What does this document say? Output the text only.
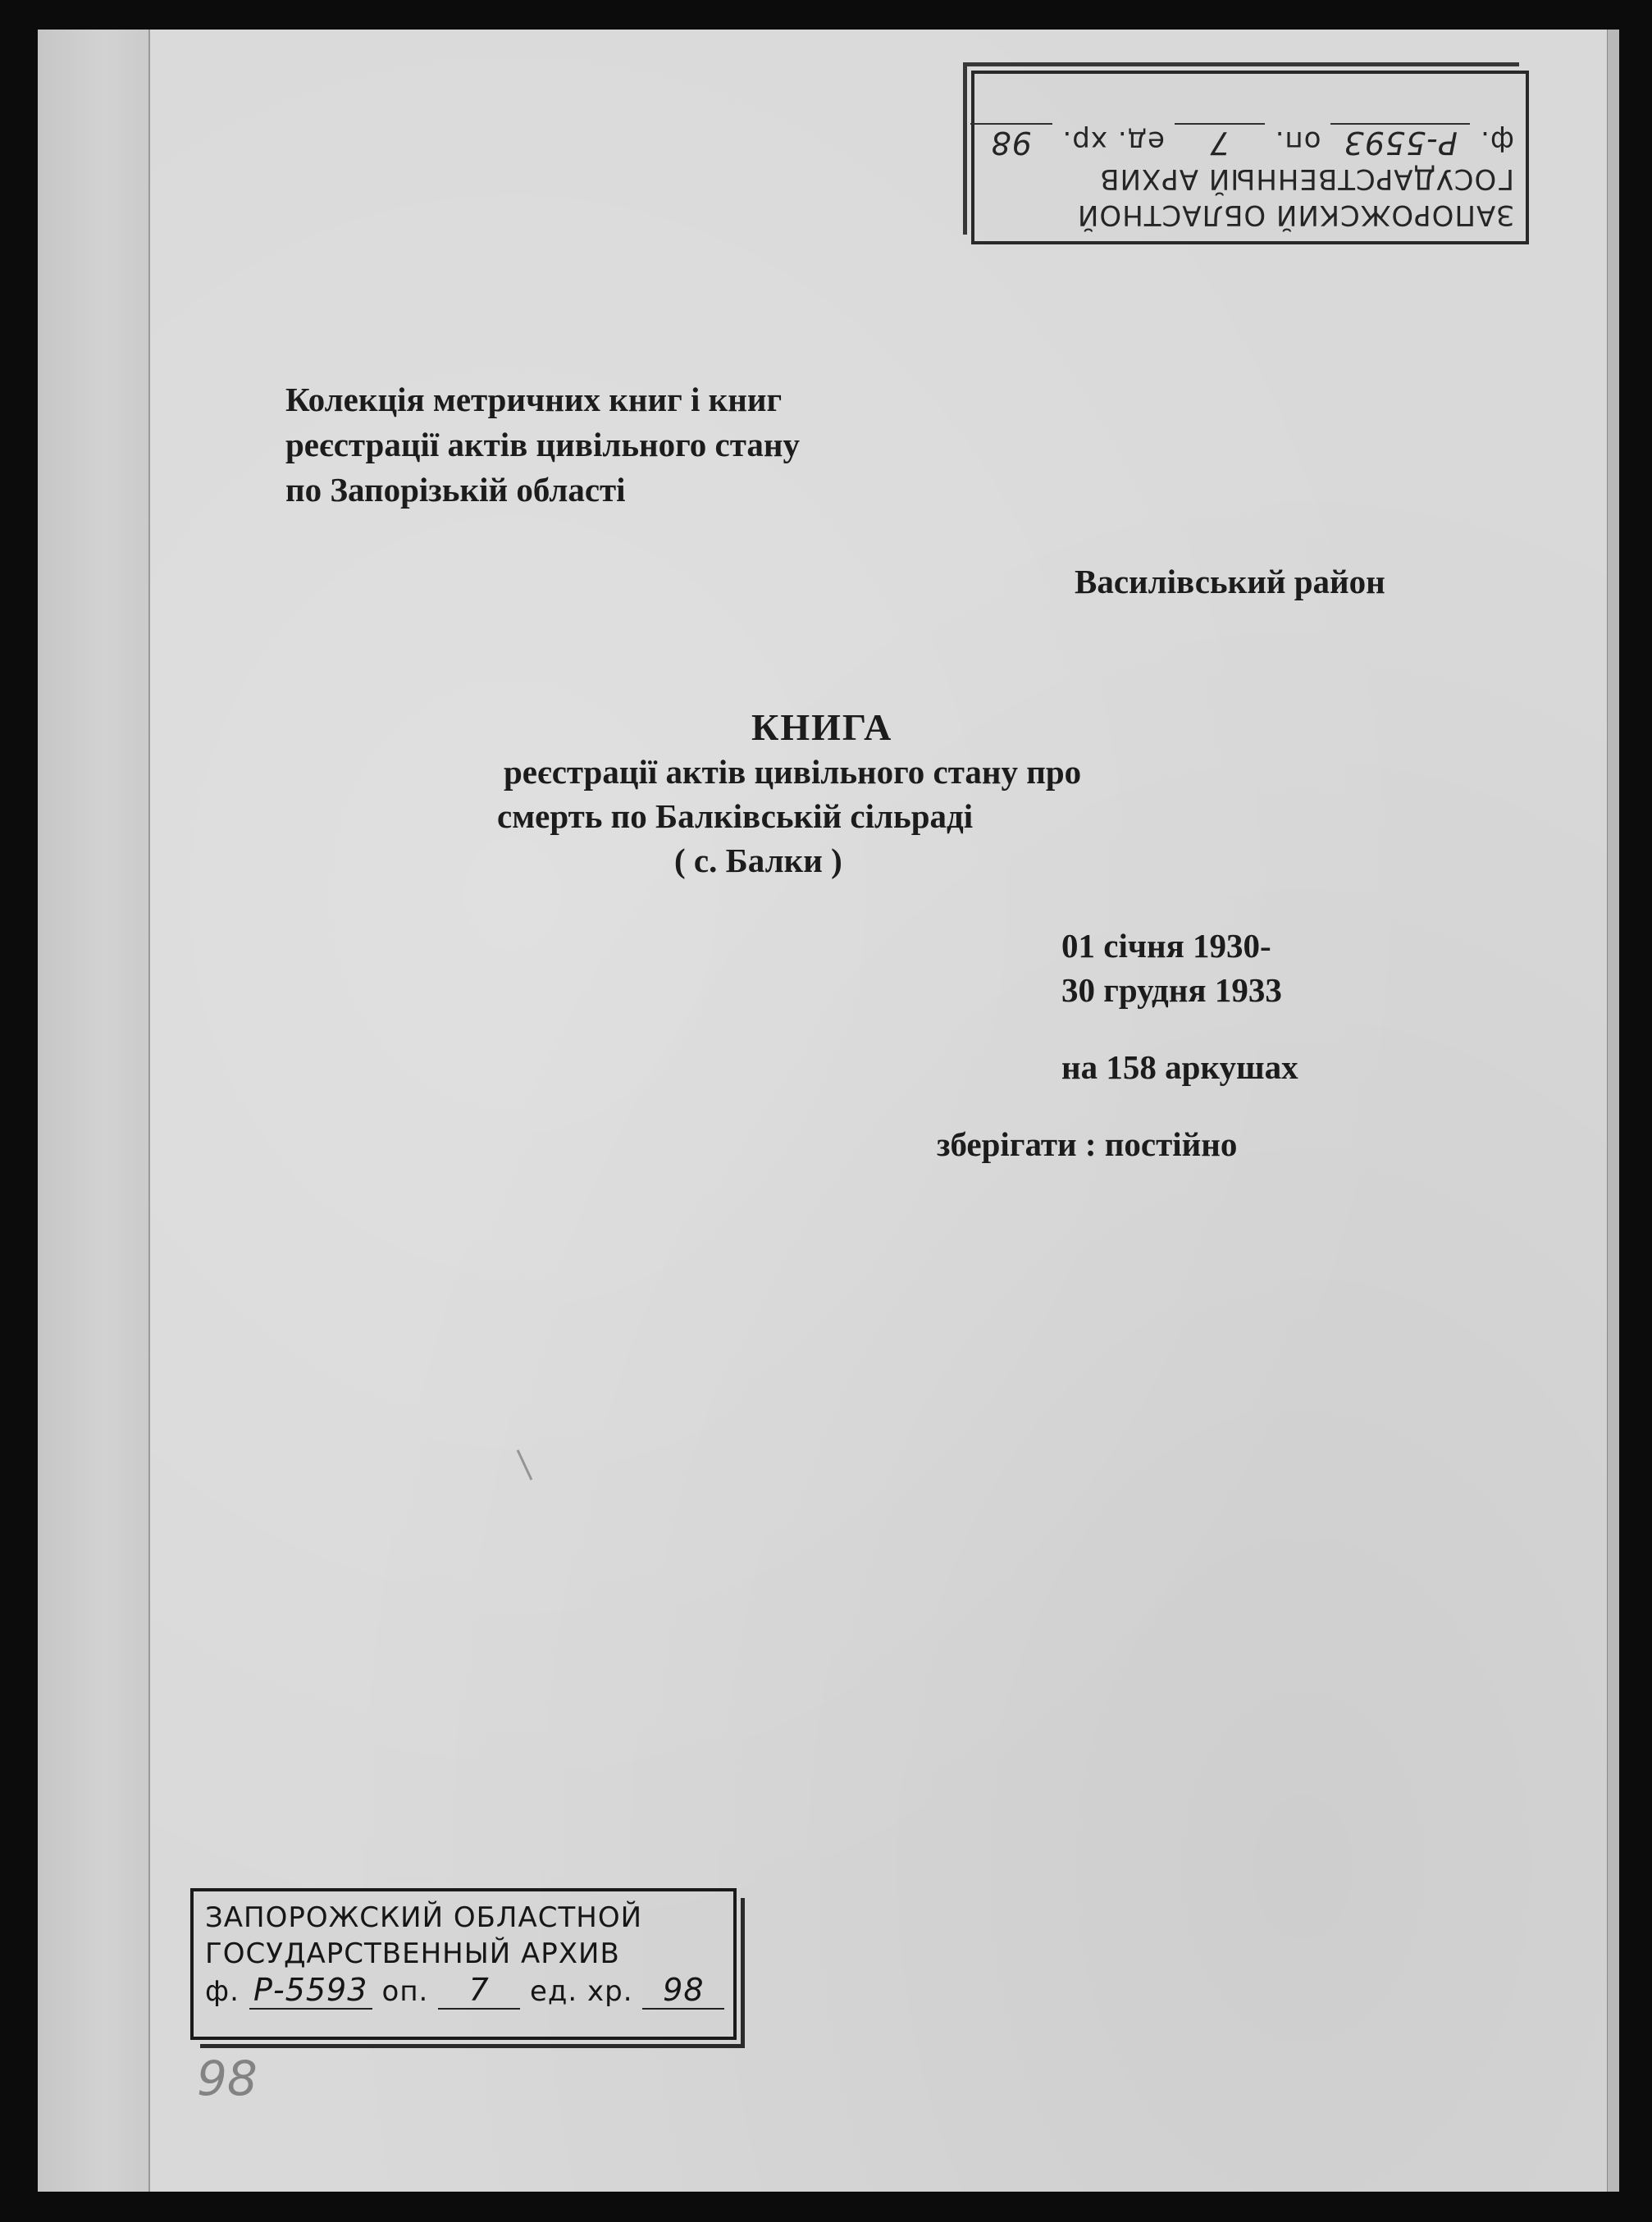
Колекція метричних книг і книг
реєстрації актів цивільного стану
по Запорізькій області
Василівський район
КНИГА
реєстрації актів цивільного стану про
смерть по Балківській сільраді
( с. Балки )
01 січня 1930-
30 грудня 1933
на 158 аркушах
зберігати : постійно
ЗАПОРОЖСКИЙ ОБЛАСТНОЙ
ГОСУДАРСТВЕННЫЙ АРХИВ
ф. Р-5593 оп. 7 ед. хр. 98
ЗАПОРОЖСКИЙ ОБЛАСТНОЙ
ГОСУДАРСТВЕННЫЙ АРХИВ
ф. Р-5593 оп. 7 ед. хр. 98
98
